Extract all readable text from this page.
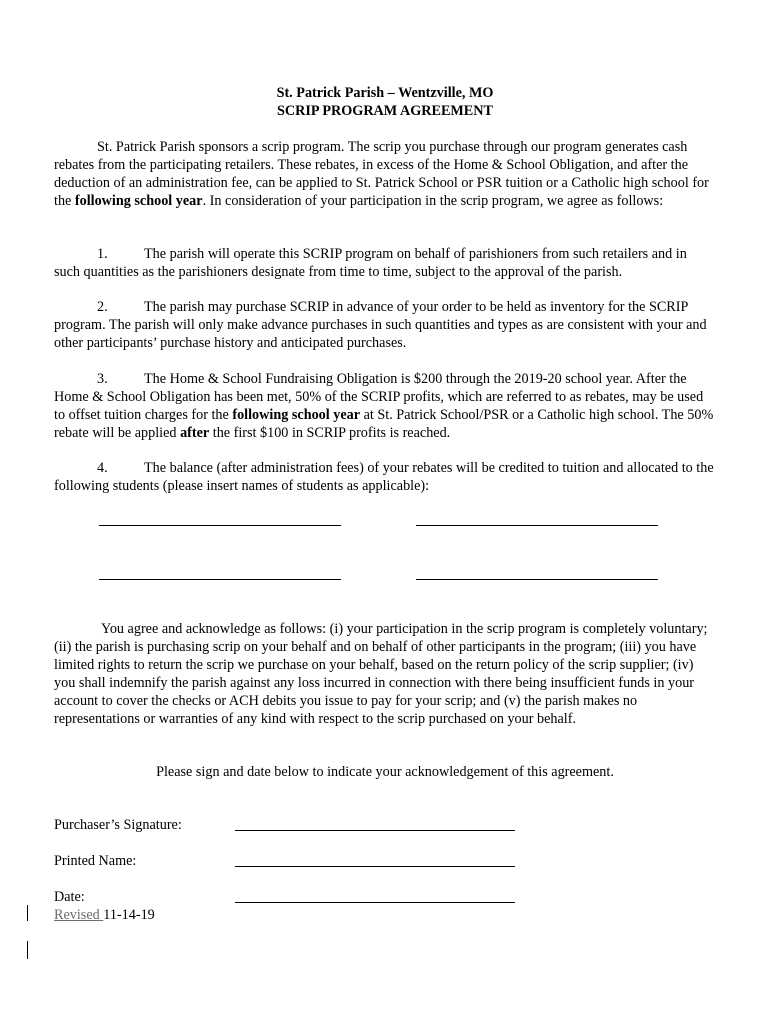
St. Patrick Parish – Wentzville, MO
SCRIP PROGRAM AGREEMENT

St. Patrick Parish sponsors a scrip program. The scrip you purchase through our program generates cash rebates from the participating retailers. These rebates, in excess of the Home & School Obligation, and after the deduction of an administration fee, can be applied to St. Patrick School or PSR tuition or a Catholic high school for the following school year. In consideration of your participation in the scrip program, we agree as follows:

1.	The parish will operate this SCRIP program on behalf of parishioners from such retailers and in such quantities as the parishioners designate from time to time, subject to the approval of the parish.

2.	The parish may purchase SCRIP in advance of your order to be held as inventory for the SCRIP program. The parish will only make advance purchases in such quantities and types as are consistent with your and other participants’ purchase history and anticipated purchases.

3.	The Home & School Fundraising Obligation is $200 through the 2019-20 school year. After the Home & School Obligation has been met, 50% of the SCRIP profits, which are referred to as rebates, may be used to offset tuition charges for the following school year at St. Patrick School/PSR or a Catholic high school. The 50% rebate will be applied after the first $100 in SCRIP profits is reached.

4.	The balance (after administration fees) of your rebates will be credited to tuition and allocated to the following students (please insert names of students as applicable):

You agree and acknowledge as follows: (i) your participation in the scrip program is completely voluntary; (ii) the parish is purchasing scrip on your behalf and on behalf of other participants in the program; (iii) you have limited rights to return the scrip we purchase on your behalf, based on the return policy of the scrip supplier; (iv) you shall indemnify the parish against any loss incurred in connection with there being insufficient funds in your account to cover the checks or ACH debits you issue to pay for your scrip; and (v) the parish makes no representations or warranties of any kind with respect to the scrip purchased on your behalf.

Please sign and date below to indicate your acknowledgement of this agreement.
Purchaser’s Signature:
Printed Name:
Date:
Revised 11-14-19
